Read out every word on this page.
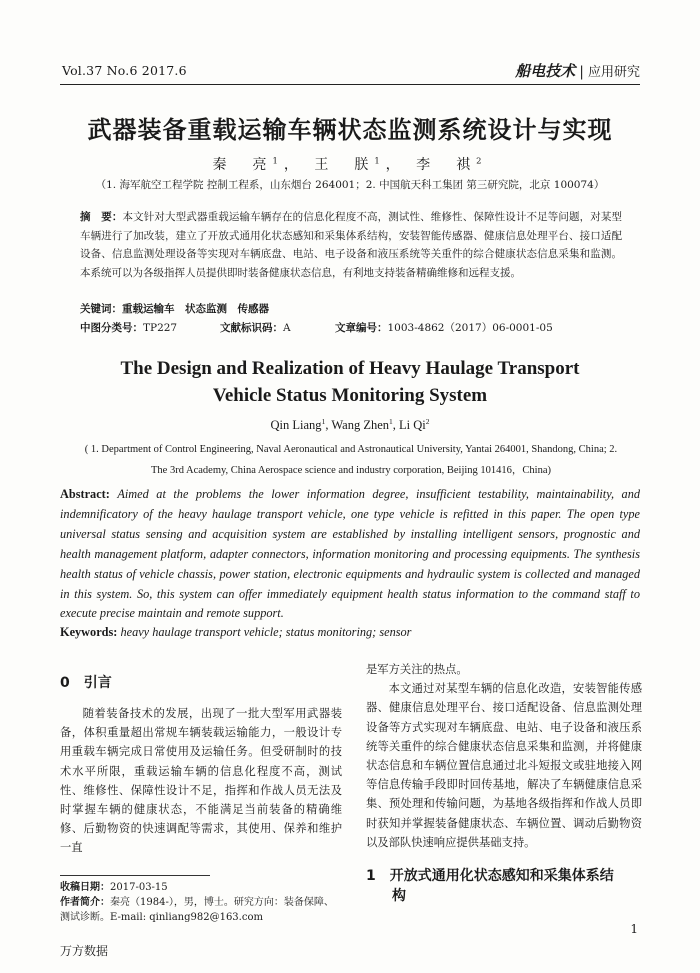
Vol.37 No.6 2017.6	船电技术 | 应用研究
武器装备重载运输车辆状态监测系统设计与实现
秦　亮$^1$， 王　朕$^1$， 李　祺$^2$
（1. 海军航空工程学院 控制工程系，山东烟台 264001；2. 中国航天科工集团 第三研究院，北京 100074）
摘　要：本文针对大型武器重载运输车辆存在的信息化程度不高，测试性、维修性、保障性设计不足等问题，对某型车辆进行了加改装，建立了开放式通用化状态感知和采集体系结构，安装智能传感器、健康信息处理平台、接口适配设备、信息监测处理设备等实现对车辆底盘、电站、电子设备和液压系统等关重件的综合健康状态信息采集和监测。本系统可以为各级指挥人员提供即时装备健康状态信息，有利地支持装备精确维修和远程支援。
关键词：重载运输车　状态监测　传感器
中图分类号：TP227	文献标识码：A	文章编号：1003-4862（2017）06-0001-05
The Design and Realization of Heavy Haulage Transport
Vehicle Status Monitoring System
Qin Liang$^1$, Wang Zhen$^1$, Li Qi$^2$
( 1. Department of Control Engineering, Naval Aeronautical and Astronautical University, Yantai 264001, Shandong, China; 2.
The 3rd Academy, China Aerospace science and industry corporation, Beijing 101416，China)
Abstract: Aimed at the problems the lower information degree, insufficient testability, maintainability, and indemnificatory of the heavy haulage transport vehicle, one type vehicle is refitted in this paper. The open type universal status sensing and acquisition system are established by installing intelligent sensors, prognostic and health management platform, adapter connectors, information monitoring and processing equipments. The synthesis health status of vehicle chassis, power station, electronic equipments and hydraulic system is collected and managed in this system. So, this system can offer immediately equipment health status information to the command staff to execute precise maintain and remote support.
Keywords: heavy haulage transport vehicle; status monitoring; sensor
0　引言
随着装备技术的发展，出现了一批大型军用武器装备，体积重量超出常规车辆装载运输能力，一般设计专用重载车辆完成日常使用及运输任务。但受研制时的技术水平所限，重载运输车辆的信息化程度不高，测试性、维修性、保障性设计不足，指挥和作战人员无法及时掌握车辆的健康状态，不能满足当前装备的精确维修、后勤物资的快速调配等需求，其使用、保养和维护一直
是军方关注的热点。
本文通过对某型车辆的信息化改造，安装智能传感器、健康信息处理平台、接口适配设备、信息监测处理设备等方式实现对车辆底盘、电站、电子设备和液压系统等关重件的综合健康状态信息采集和监测，并将健康状态信息和车辆位置信息通过北斗短报文或驻地接入网等信息传输手段即时回传基地，解决了车辆健康信息采集、预处理和传输问题，为基地各级指挥和作战人员即时获知并掌握装备健康状态、车辆位置、调动后勤物资以及部队快速响应提供基础支持。
1　开放式通用化状态感知和采集体系结
构
收稿日期：2017-03-15
作者简介：秦亮（1984-），男，博士。研究方向：装备保障、测试诊断。E-mail: qinliang982@163.com
1
万方数据
